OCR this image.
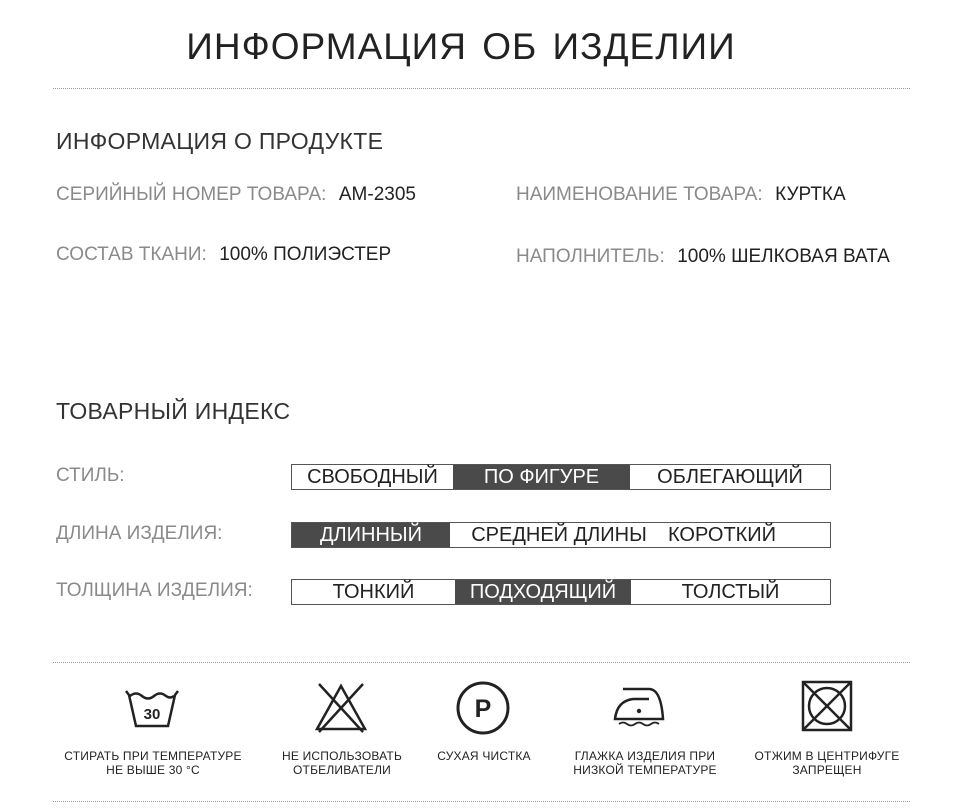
ИНФОРМАЦИЯ ОБ ИЗДЕЛИИ
ИНФОРМАЦИЯ О ПРОДУКТЕ
СЕРИЙНЫЙ НОМЕР ТОВАРА: AM-2305	НАИМЕНОВАНИЕ ТОВАРА: КУРТКА
СОСТАВ ТКАНИ: 100% ПОЛИЭСТЕР	НАПОЛНИТЕЛЬ: 100% ШЕЛКОВАЯ ВАТА
ТОВАРНЫЙ ИНДЕКС
СТИЛЬ:	СВОБОДНЫЙ	ПО ФИГУРЕ	ОБЛЕГАЮЩИЙ
ДЛИНА ИЗДЕЛИЯ:	ДЛИННЫЙ	СРЕДНЕЙ ДЛИНЫ	КОРОТКИЙ
ТОЛЩИНА ИЗДЕЛИЯ:	ТОНКИЙ	ПОДХОДЯЩИЙ	ТОЛСТЫЙ
30	P
СТИРАТЬ ПРИ ТЕМПЕРАТУРЕ
НЕ ВЫШЕ 30 °С
НЕ ИСПОЛЬЗОВАТЬ
ОТБЕЛИВАТЕЛИ
СУХАЯ ЧИСТКА	ГЛАЖКА ИЗДЕЛИЯ ПРИ
НИЗКОЙ ТЕМПЕРАТУРЕ
ОТЖИМ В ЦЕНТРИФУГЕ
ЗАПРЕЩЕН
